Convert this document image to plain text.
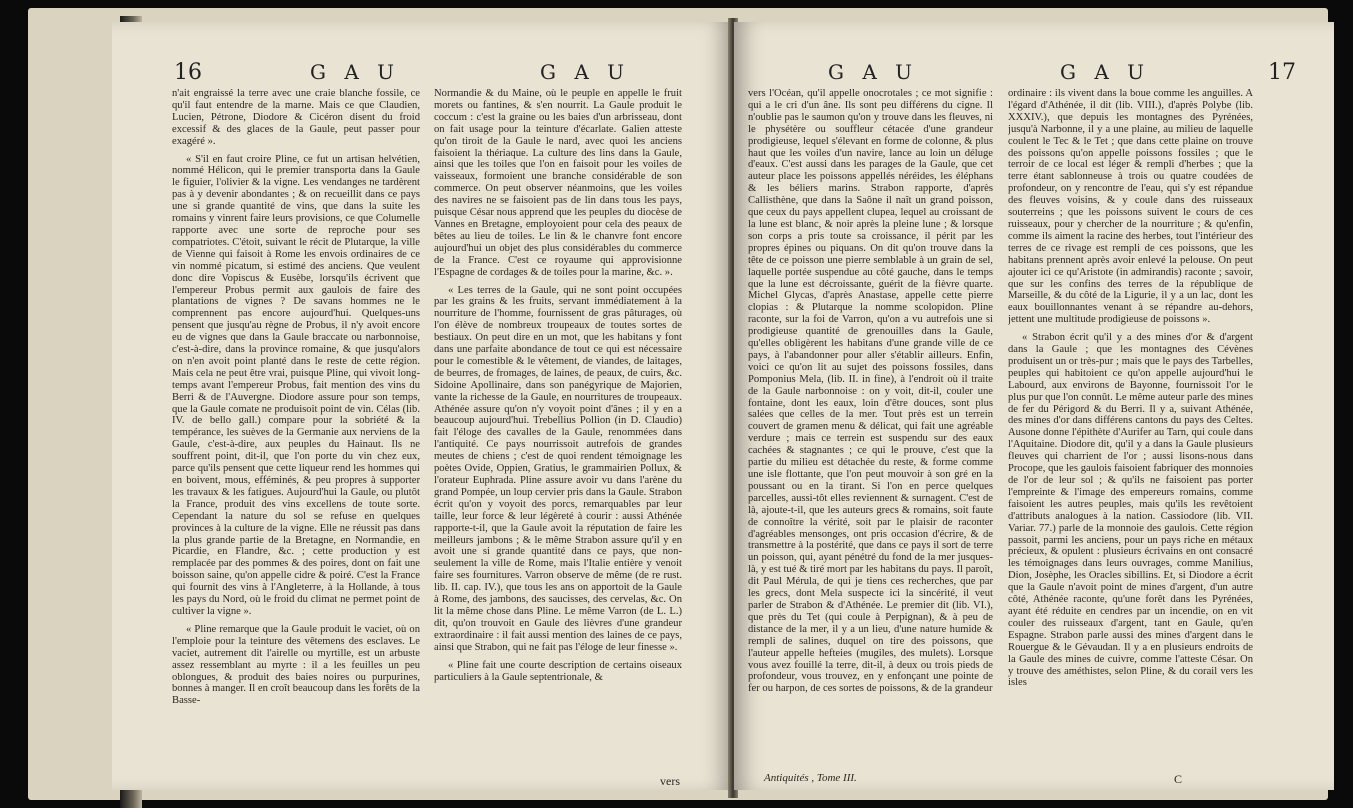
16	G A U	G A U

n'ait engraissé la terre avec une craie blanche fossile, ce qu'il faut entendre de la marne. Mais ce que Claudien, Lucien, Pétrone, Diodore & Cicéron disent du froid excessif & des glaces de la Gaule, peut passer pour exagéré ».

« S'il en faut croire Pline, ce fut un artisan helvétien, nommé Hélicon, qui le premier transporta dans la Gaule le figuier, l'olivier & la vigne. Les vendanges ne tardèrent pas à y devenir abondantes ; & on recueillit dans ce pays une si grande quantité de vins, que dans la suite les romains y vinrent faire leurs provisions, ce que Columelle rapporte avec une sorte de reproche pour ses compatriotes. C'étoit, suivant le récit de Plutarque, la ville de Vienne qui faisoit à Rome les envois ordinaires de ce vin nommé picatum, si estimé des anciens. Que veulent donc dire Vopiscus & Eusèbe, lorsqu'ils écrivent que l'empereur Probus permit aux gaulois de faire des plantations de vignes ? De savans hommes ne le comprennent pas encore aujourd'hui. Quelques-uns pensent que jusqu'au règne de Probus, il n'y avoit encore eu de vignes que dans la Gaule braccate ou narbonnoise, c'est-à-dire, dans la province romaine, & que jusqu'alors on n'en avoit point planté dans le reste de cette région. Mais cela ne peut être vrai, puisque Pline, qui vivoit long-temps avant l'empereur Probus, fait mention des vins du Berri & de l'Auvergne. Diodore assure pour son temps, que la Gaule comate ne produisoit point de vin. Célas (lib. IV. de bello gall.) compare pour la sobriété & la tempérance, les suèves de la Germanie aux nerviens de la Gaule, c'est-à-dire, aux peuples du Hainaut. Ils ne souffrent point, dit-il, que l'on porte du vin chez eux, parce qu'ils pensent que cette liqueur rend les hommes qui en boivent, mous, efféminés, & peu propres à supporter les travaux & les fatigues. Aujourd'hui la Gaule, ou plutôt la France, produit des vins excellens de toute sorte. Cependant la nature du sol se refuse en quelques provinces à la culture de la vigne. Elle ne réussit pas dans la plus grande partie de la Bretagne, en Normandie, en Picardie, en Flandre, &c. ; cette production y est remplacée par des pommes & des poires, dont on fait une boisson saine, qu'on appelle cidre & poiré. C'est la France qui fournit des vins à l'Angleterre, à la Hollande, à tous les pays du Nord, où le froid du climat ne permet point de cultiver la vigne ».

« Pline remarque que la Gaule produit le vaciet, où on l'emploie pour la teinture des vêtemens des esclaves. Le vaciet, autrement dit l'airelle ou myrtille, est un arbuste assez ressemblant au myrte : il a les feuilles un peu oblongues, & produit des baies noires ou purpurines, bonnes à manger. Il en croît beaucoup dans les forêts de la Basse-

Normandie & du Maine, où le peuple en appelle le fruit morets ou fantines, & s'en nourrit. La Gaule produit le coccum : c'est la graine ou les baies d'un arbrisseau, dont on fait usage pour la teinture d'écarlate. Galien atteste qu'on tiroit de la Gaule le nard, avec quoi les anciens faisoient la thériaque. La culture des lins dans la Gaule, ainsi que les toiles que l'on en faisoit pour les voiles de vaisseaux, formoient une branche considérable de son commerce. On peut observer néanmoins, que les voiles des navires ne se faisoient pas de lin dans tous les pays, puisque César nous apprend que les peuples du diocèse de Vannes en Bretagne, employoient pour cela des peaux de bêtes au lieu de toiles. Le lin & le chanvre font encore aujourd'hui un objet des plus considérables du commerce de la France. C'est ce royaume qui approvisionne l'Espagne de cordages & de toiles pour la marine, &c. ».

« Les terres de la Gaule, qui ne sont point occupées par les grains & les fruits, servant immédiatement à la nourriture de l'homme, fournissent de gras pâturages, où l'on élève de nombreux troupeaux de toutes sortes de bestiaux. On peut dire en un mot, que les habitans y font dans une parfaite abondance de tout ce qui est nécessaire pour le comestible & le vêtement, de viandes, de laitages, de beurres, de fromages, de laines, de peaux, de cuirs, &c. Sidoine Apollinaire, dans son panégyrique de Majorien, vante la richesse de la Gaule, en nourritures de troupeaux. Athénée assure qu'on n'y voyoit point d'ânes ; il y en a beaucoup aujourd'hui. Trebellius Pollion (in D. Claudio) fait l'éloge des cavalles de la Gaule, renommées dans l'antiquité. Ce pays nourrissoit autrefois de grandes meutes de chiens ; c'est de quoi rendent témoignage les poètes Ovide, Oppien, Gratius, le grammairien Pollux, & l'orateur Euphrada. Pline assure avoir vu dans l'arène du grand Pompée, un loup cervier pris dans la Gaule. Strabon écrit qu'on y voyoit des porcs, remarquables par leur taille, leur force & leur légèreté à courir : aussi Athénée rapporte-t-il, que la Gaule avoit la réputation de faire les meilleurs jambons ; & le même Strabon assure qu'il y en avoit une si grande quantité dans ce pays, que non-seulement la ville de Rome, mais l'Italie entière y venoit faire ses fournitures. Varron observe de même (de re rust. lib. II. cap. IV.), que tous les ans on apportoit de la Gaule à Rome, des jambons, des saucisses, des cervelas, &c. On lit la même chose dans Pline. Le même Varron (de L. L.) dit, qu'on trouvoit en Gaule des lièvres d'une grandeur extraordinaire : il fait aussi mention des laines de ce pays, ainsi que Strabon, qui ne fait pas l'éloge de leur finesse ».

« Pline fait une courte description de certains oiseaux particuliers à la Gaule septentrionale, &

vers
G A U	G A U	17

vers l'Océan, qu'il appelle onocrotales ; ce mot signifie : qui a le cri d'un âne. Ils sont peu différens du cigne. Il n'oublie pas le saumon qu'on y trouve dans les fleuves, ni le physétère ou souffleur cétacée d'une grandeur prodigieuse, lequel s'élevant en forme de colonne, & plus haut que les voiles d'un navire, lance au loin un déluge d'eaux. C'est aussi dans les parages de la Gaule, que cet auteur place les poissons appellés néréides, les éléphans & les béliers marins. Strabon rapporte, d'après Callisthène, que dans la Saône il naît un grand poisson, que ceux du pays appellent clupea, lequel au croissant de la lune est blanc, & noir après la pleine lune ; & lorsque son corps a pris toute sa croissance, il périt par les propres épines ou piquans. On dit qu'on trouve dans la tête de ce poisson une pierre semblable à un grain de sel, laquelle portée suspendue au côté gauche, dans le temps que la lune est décroissante, guérit de la fièvre quarte. Michel Glycas, d'après Anastase, appelle cette pierre clopias : & Plutarque la nomme scolopidon. Pline raconte, sur la foi de Varron, qu'on a vu autrefois une si prodigieuse quantité de grenouilles dans la Gaule, qu'elles obligèrent les habitans d'une grande ville de ce pays, à l'abandonner pour aller s'établir ailleurs. Enfin, voici ce qu'on lit au sujet des poissons fossiles, dans Pomponius Mela, (lib. II. in fine), à l'endroit où il traite de la Gaule narbonnoise : on y voit, dit-il, couler une fontaine, dont les eaux, loin d'être douces, sont plus salées que celles de la mer. Tout près est un terrein couvert de gramen menu & délicat, qui fait une agréable verdure ; mais ce terrein est suspendu sur des eaux cachées & stagnantes ; ce qui le prouve, c'est que la partie du milieu est détachée du reste, & forme comme une isle flottante, que l'on peut mouvoir à son gré en la poussant ou en la tirant. Si l'on en perce quelques parcelles, aussi-tôt elles reviennent & surnagent. C'est de là, ajoute-t-il, que les auteurs grecs & romains, soit faute de connoître la vérité, soit par le plaisir de raconter d'agréables mensonges, ont pris occasion d'écrire, & de transmettre à la postérité, que dans ce pays il sort de terre un poisson, qui, ayant pénétré du fond de la mer jusques-là, y est tué & tiré mort par les habitans du pays. Il paroît, dit Paul Mérula, de qui je tiens ces recherches, que par les grecs, dont Mela suspecte ici la sincérité, il veut parler de Strabon & d'Athénée. Le premier dit (lib. VI.), que près du Tet (qui coule à Perpignan), & à peu de distance de la mer, il y a un lieu, d'une nature humide & rempli de salines, duquel on tire des poissons, que l'auteur appelle hefteies (mugiles, des mulets). Lorsque vous avez fouillé la terre, dit-il, à deux ou trois pieds de profondeur, vous trouvez, en y enfonçant une pointe de fer ou harpon, de ces sortes de poissons, & de la grandeur

ordinaire : ils vivent dans la boue comme les anguilles. A l'égard d'Athénée, il dit (lib. VIII.), d'après Polybe (lib. XXXIV.), que depuis les montagnes des Pyrénées, jusqu'à Narbonne, il y a une plaine, au milieu de laquelle coulent le Tec & le Tet ; que dans cette plaine on trouve des poissons qu'on appelle poissons fossiles ; que le terroir de ce local est léger & rempli d'herbes ; que la terre étant sablonneuse à trois ou quatre coudées de profondeur, on y rencontre de l'eau, qui s'y est répandue des fleuves voisins, & y coule dans des ruisseaux souterreins ; que les poissons suivent le cours de ces ruisseaux, pour y chercher de la nourriture ; & qu'enfin, comme ils aiment la racine des herbes, tout l'intérieur des terres de ce rivage est rempli de ces poissons, que les habitans prennent après avoir enlevé la pelouse. On peut ajouter ici ce qu'Aristote (in admirandis) raconte ; savoir, que sur les confins des terres de la république de Marseille, & du côté de la Ligurie, il y a un lac, dont les eaux bouillonnantes venant à se répandre au-dehors, jettent une multitude prodigieuse de poissons ».

« Strabon écrit qu'il y a des mines d'or & d'argent dans la Gaule ; que les montagnes des Cévènes produisent un or très-pur ; mais que le pays des Tarbelles, peuples qui habitoient ce qu'on appelle aujourd'hui le Labourd, aux environs de Bayonne, fournissoit l'or le plus pur que l'on connût. Le même auteur parle des mines de fer du Périgord & du Berri. Il y a, suivant Athénée, des mines d'or dans différens cantons du pays des Celtes. Ausone donne l'épithète d'Aurifer au Tarn, qui coule dans l'Aquitaine. Diodore dit, qu'il y a dans la Gaule plusieurs fleuves qui charrient de l'or ; aussi lisons-nous dans Procope, que les gaulois faisoient fabriquer des monnoies de l'or de leur sol ; & qu'ils ne faisoient pas porter l'empreinte & l'image des empereurs romains, comme faisoient les autres peuples, mais qu'ils les revêtoient d'attributs analogues à la nation. Cassiodore (lib. VII. Variar. 77.) parle de la monnoie des gaulois. Cette région passoit, parmi les anciens, pour un pays riche en métaux précieux, & opulent : plusieurs écrivains en ont consacré les témoignages dans leurs ouvrages, comme Manilius, Dion, Josèphe, les Oracles sibillins. Et, si Diodore a écrit que la Gaule n'avoit point de mines d'argent, d'un autre côté, Athénée raconte, qu'une forêt dans les Pyrénées, ayant été réduite en cendres par un incendie, on en vit couler des ruisseaux d'argent, tant en Gaule, qu'en Espagne. Strabon parle aussi des mines d'argent dans le Rouergue & le Gévaudan. Il y a en plusieurs endroits de la Gaule des mines de cuivre, comme l'atteste César. On y trouve des améthistes, selon Pline, & du corail vers les isles

Antiquités , Tome III.	C
